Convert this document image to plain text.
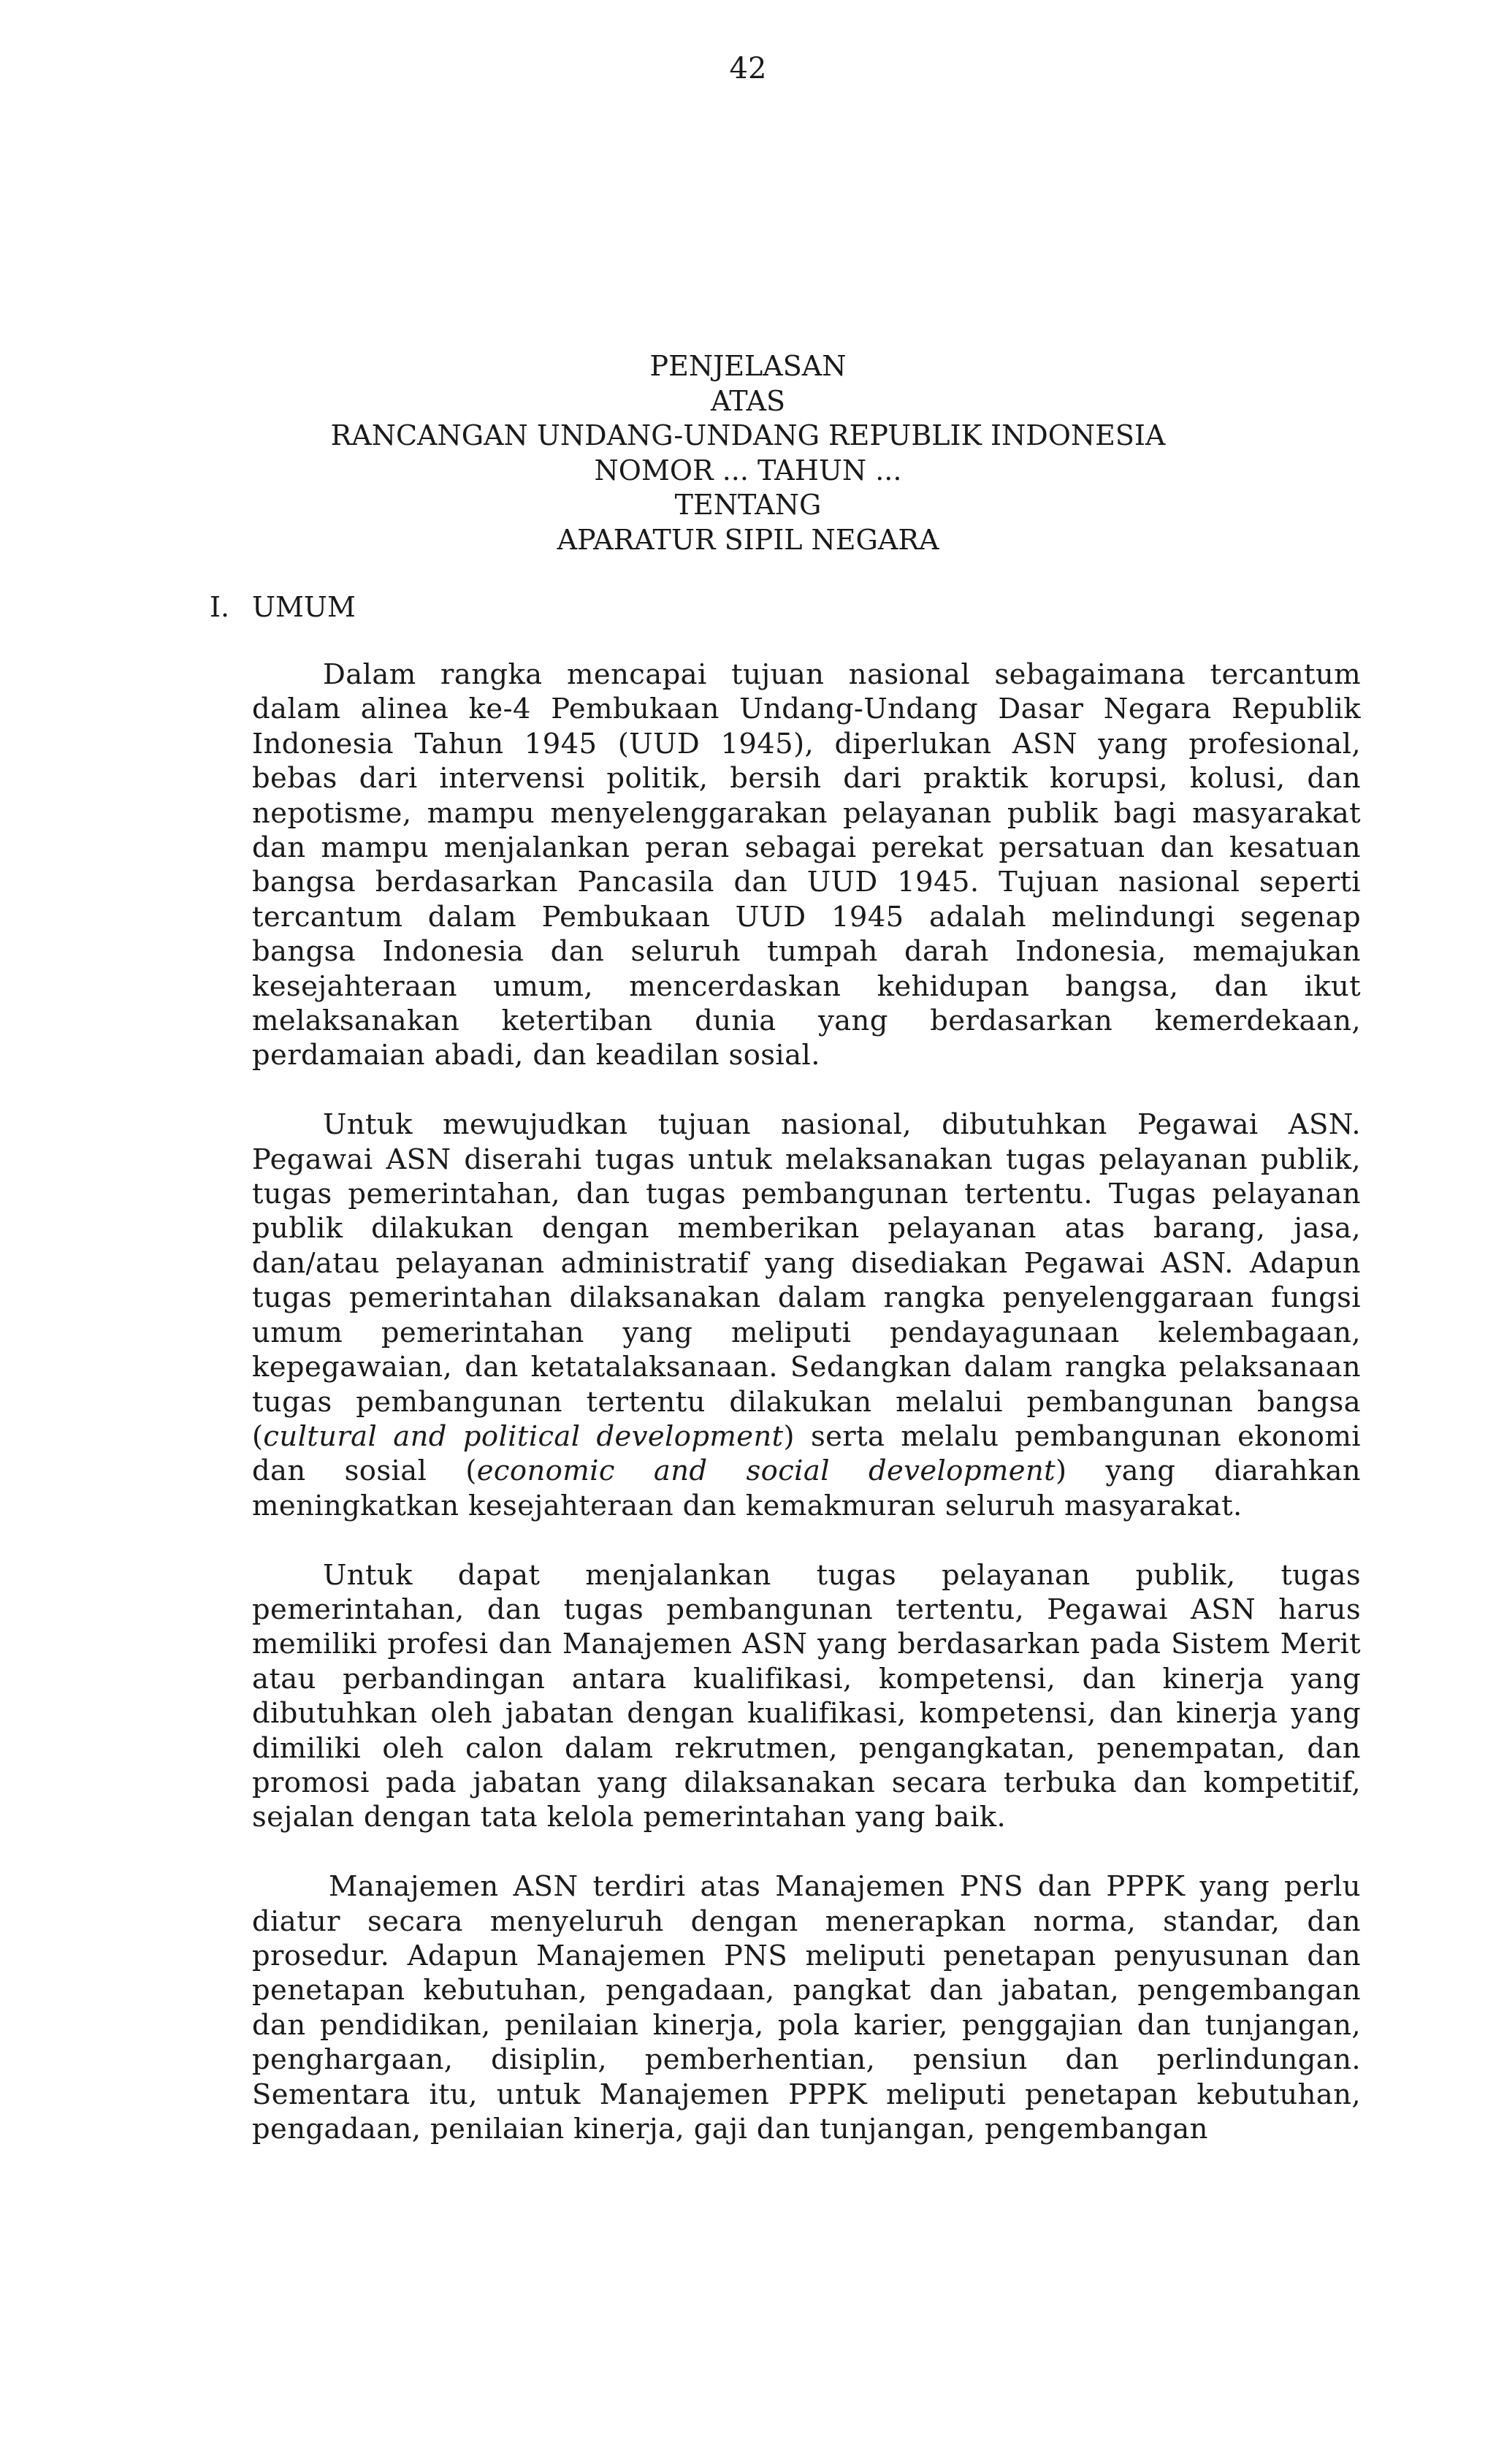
42
PENJELASAN
ATAS
RANCANGAN UNDANG-UNDANG REPUBLIK INDONESIA
NOMOR ... TAHUN ...
TENTANG
APARATUR SIPIL NEGARA
I. UMUM

Dalam rangka mencapai tujuan nasional sebagaimana tercantum dalam alinea ke-4 Pembukaan Undang-Undang Dasar Negara Republik Indonesia Tahun 1945 (UUD 1945), diperlukan ASN yang profesional, bebas dari intervensi politik, bersih dari praktik korupsi, kolusi, dan nepotisme, mampu menyelenggarakan pelayanan publik bagi masyarakat dan mampu menjalankan peran sebagai perekat persatuan dan kesatuan bangsa berdasarkan Pancasila dan UUD 1945. Tujuan nasional seperti tercantum dalam Pembukaan UUD 1945 adalah melindungi segenap bangsa Indonesia dan seluruh tumpah darah Indonesia, memajukan kesejahteraan umum, mencerdaskan kehidupan bangsa, dan ikut melaksanakan ketertiban dunia yang berdasarkan kemerdekaan, perdamaian abadi, dan keadilan sosial.

Untuk mewujudkan tujuan nasional, dibutuhkan Pegawai ASN. Pegawai ASN diserahi tugas untuk melaksanakan tugas pelayanan publik, tugas pemerintahan, dan tugas pembangunan tertentu. Tugas pelayanan publik dilakukan dengan memberikan pelayanan atas barang, jasa, dan/atau pelayanan administratif yang disediakan Pegawai ASN. Adapun tugas pemerintahan dilaksanakan dalam rangka penyelenggaraan fungsi umum pemerintahan yang meliputi pendayagunaan kelembagaan, kepegawaian, dan ketatalaksanaan. Sedangkan dalam rangka pelaksanaan tugas pembangunan tertentu dilakukan melalui pembangunan bangsa (cultural and political development) serta melalu pembangunan ekonomi dan sosial (economic and social development) yang diarahkan meningkatkan kesejahteraan dan kemakmuran seluruh masyarakat.

Untuk dapat menjalankan tugas pelayanan publik, tugas pemerintahan, dan tugas pembangunan tertentu, Pegawai ASN harus memiliki profesi dan Manajemen ASN yang berdasarkan pada Sistem Merit atau perbandingan antara kualifikasi, kompetensi, dan kinerja yang dibutuhkan oleh jabatan dengan kualifikasi, kompetensi, dan kinerja yang dimiliki oleh calon dalam rekrutmen, pengangkatan, penempatan, dan promosi pada jabatan yang dilaksanakan secara terbuka dan kompetitif, sejalan dengan tata kelola pemerintahan yang baik.

Manajemen ASN terdiri atas Manajemen PNS dan PPPK yang perlu diatur secara menyeluruh dengan menerapkan norma, standar, dan prosedur. Adapun Manajemen PNS meliputi penetapan penyusunan dan penetapan kebutuhan, pengadaan, pangkat dan jabatan, pengembangan dan pendidikan, penilaian kinerja, pola karier, penggajian dan tunjangan, penghargaan, disiplin, pemberhentian, pensiun dan perlindungan. Sementara itu, untuk Manajemen PPPK meliputi penetapan kebutuhan, pengadaan, penilaian kinerja, gaji dan tunjangan, pengembangan
